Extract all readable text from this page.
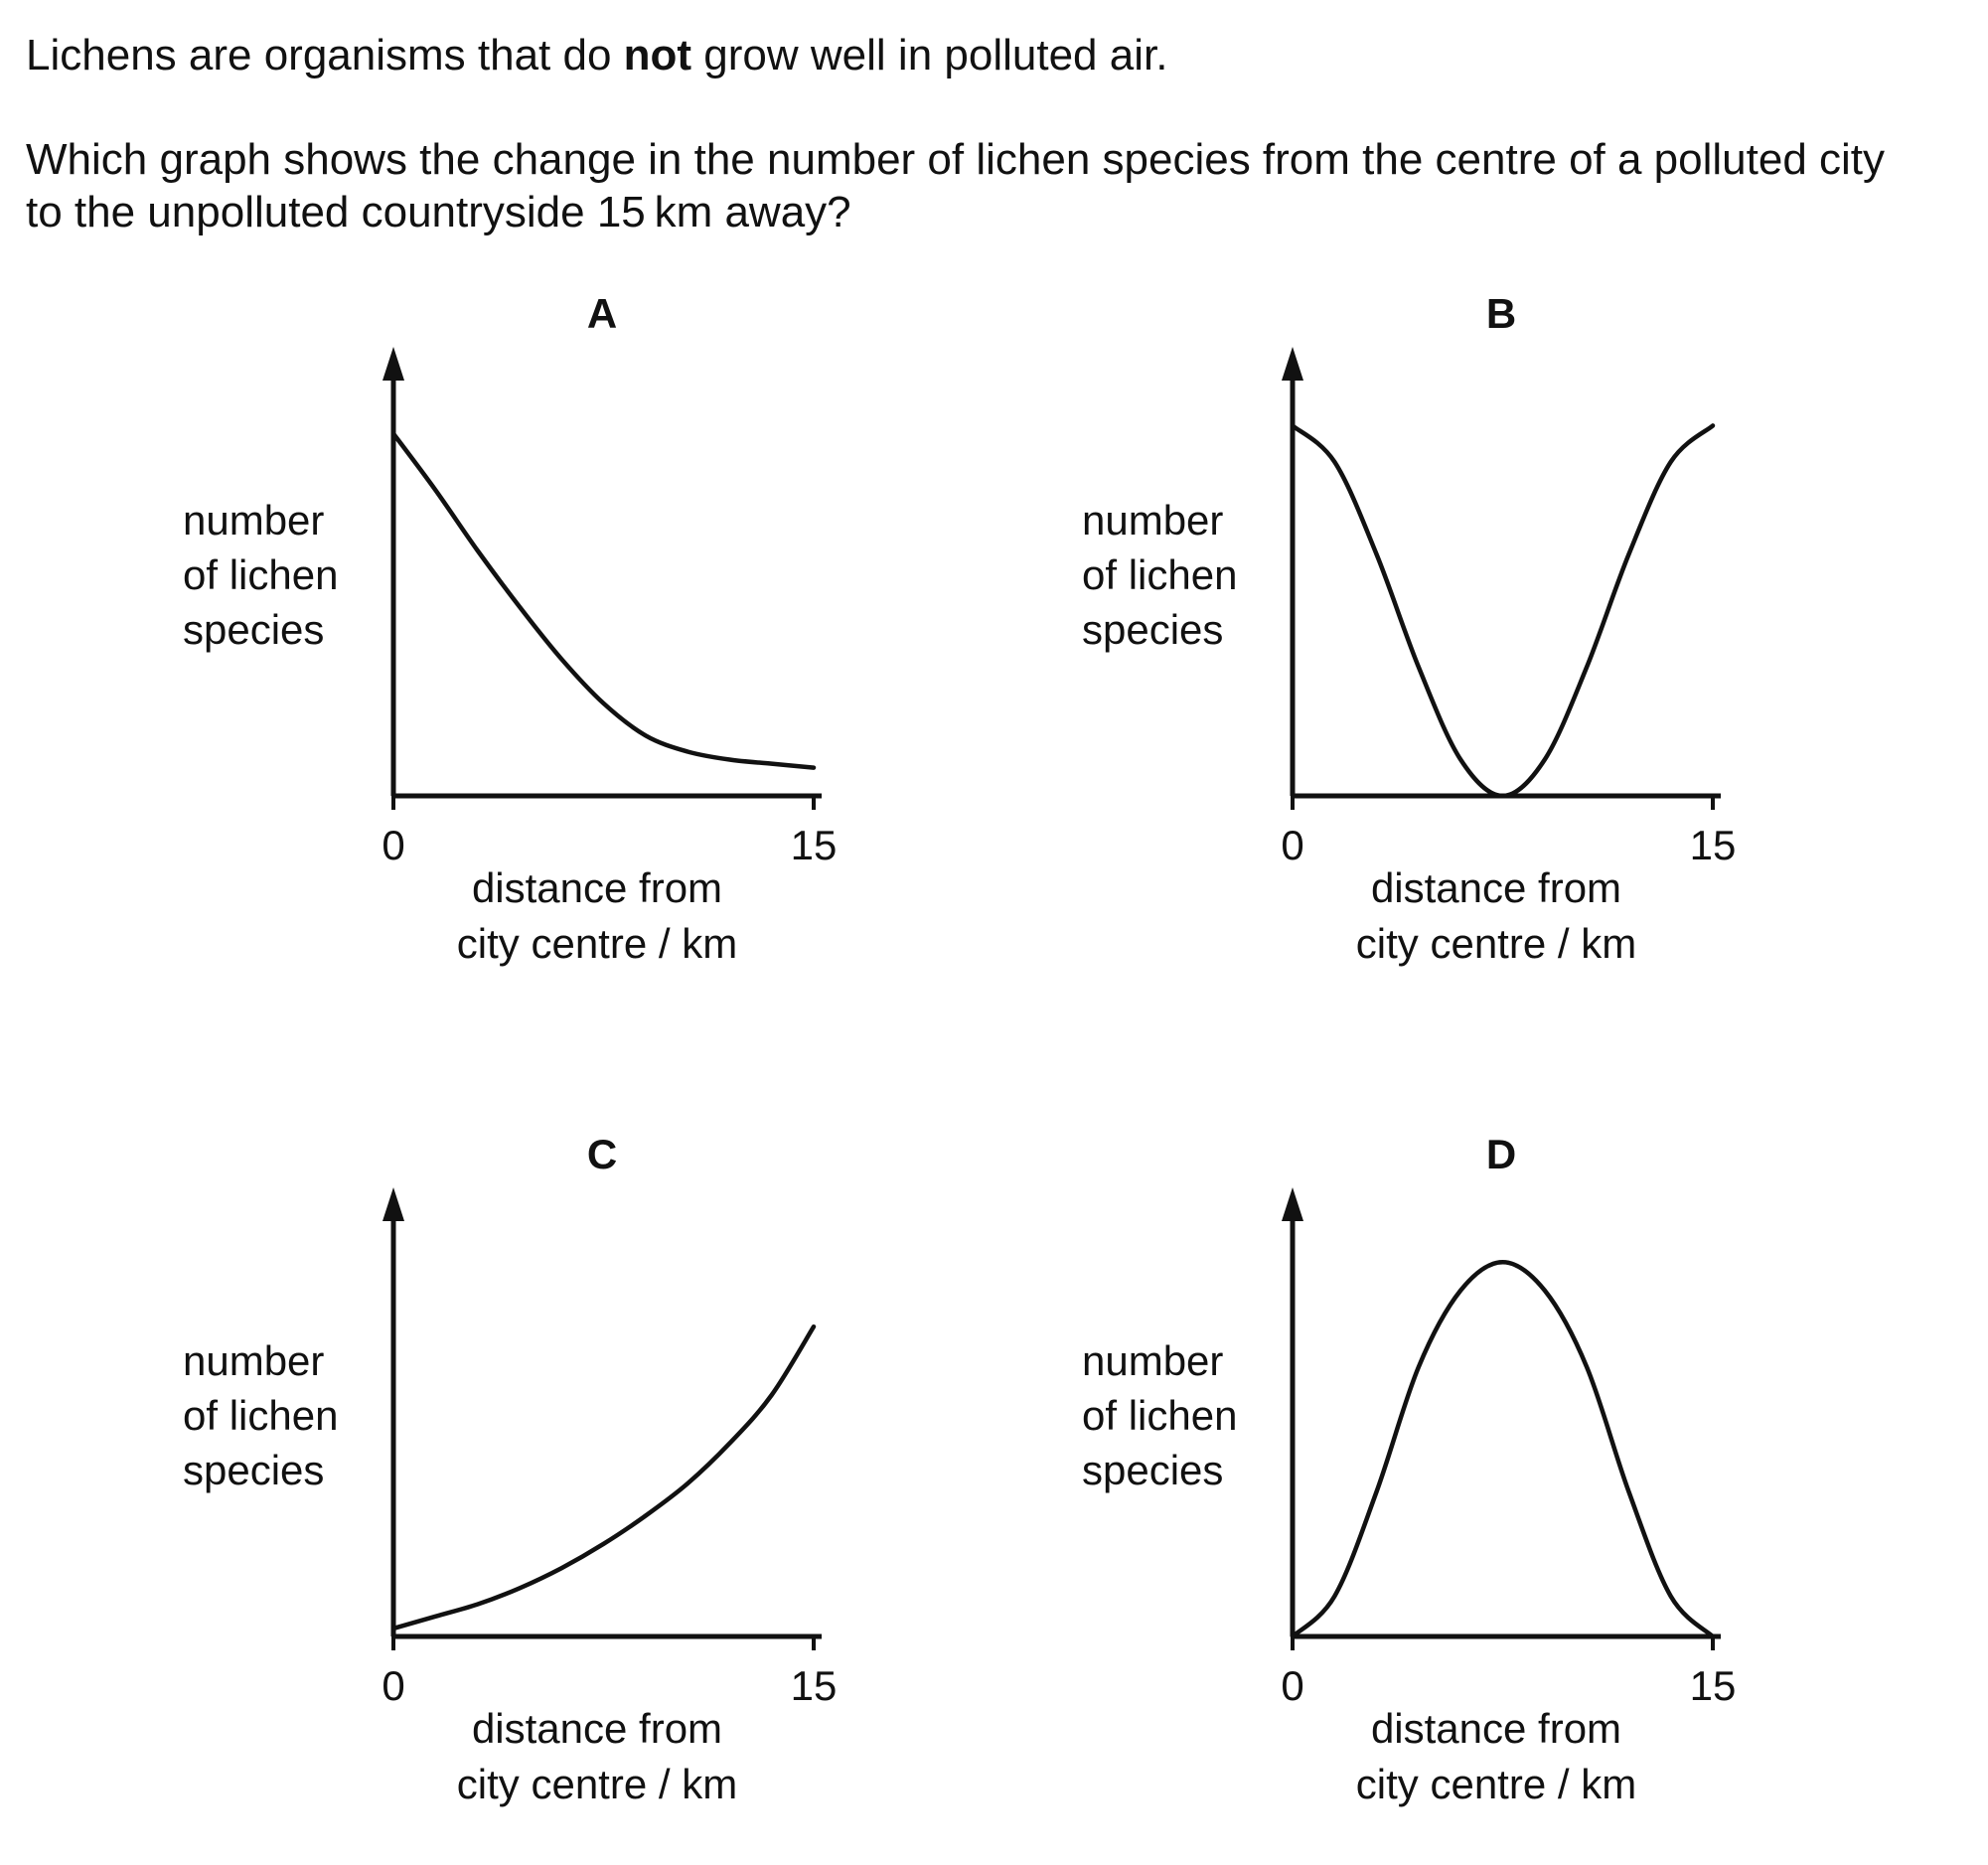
Lichens are organisms that do not grow well in polluted air.
Which graph shows the change in the number of lichen species from the centre of a polluted city
to the unpolluted countryside 15 km away?
A
0	15
distance from
city centre / km
number
of lichen
species
B
0	15
distance from
city centre / km
number
of lichen
species
C
0	15
distance from
city centre / km
number
of lichen
species
D
0	15
distance from
city centre / km
number
of lichen
species
